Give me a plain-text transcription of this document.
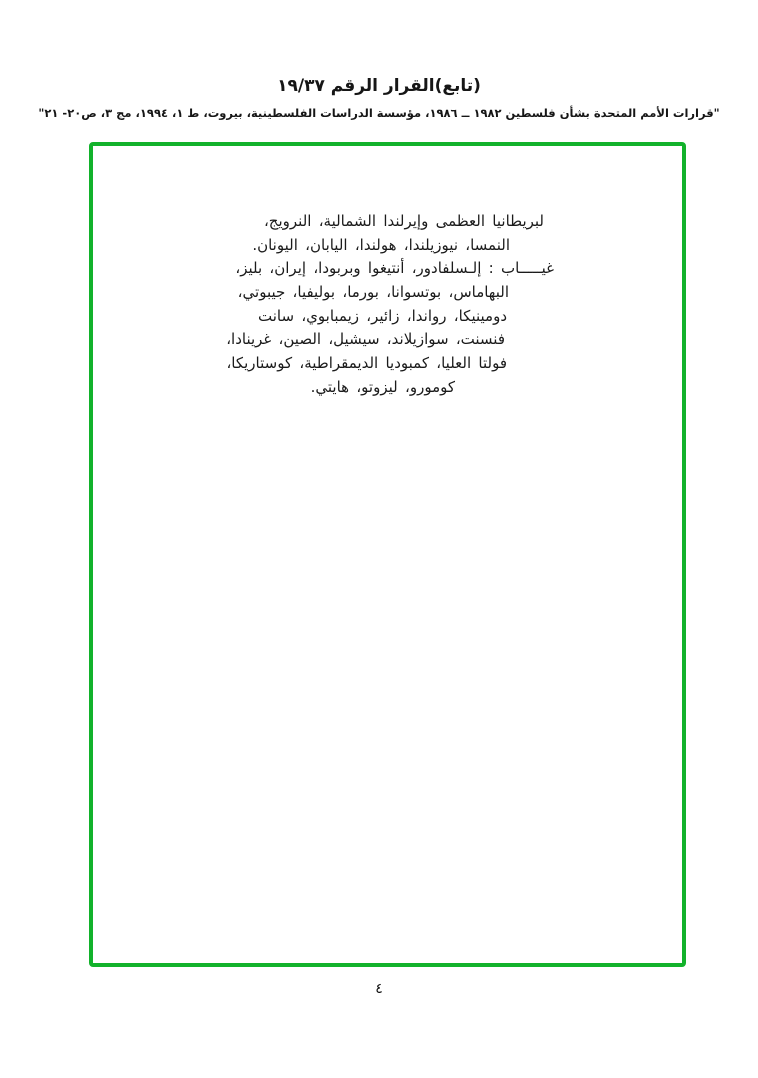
(تابع)القرار الرقم ١٩/٣٧
"قرارات الأمم المتحدة بشأن فلسطين ١٩٨٢ ــ ١٩٨٦، مؤسسة الدراسات الفلسطينية، بيروت، ط ١، ١٩٩٤، مج ٣، ص٢٠- ٢١"
لبريطانيا العظمى وإيرلندا الشمالية، النرويج،
النمسا، نيوزيلندا، هولندا، اليابان، اليونان.
غيـــــاب : إلـسلفادور، أنتيغوا وبربودا، إيران، بليز،
البهاماس، بوتسوانا، بورما، بوليفيا، جيبوتي،
دومينيكا، رواندا، زائير، زيمبابوي، سانت
فنسنت، سوازيلاند، سيشيل، الصين، غرينادا،
فولتا العليا، كمبوديا الديمقراطية، كوستاريكا،
كومورو، ليزوتو، هايتي.
٤
